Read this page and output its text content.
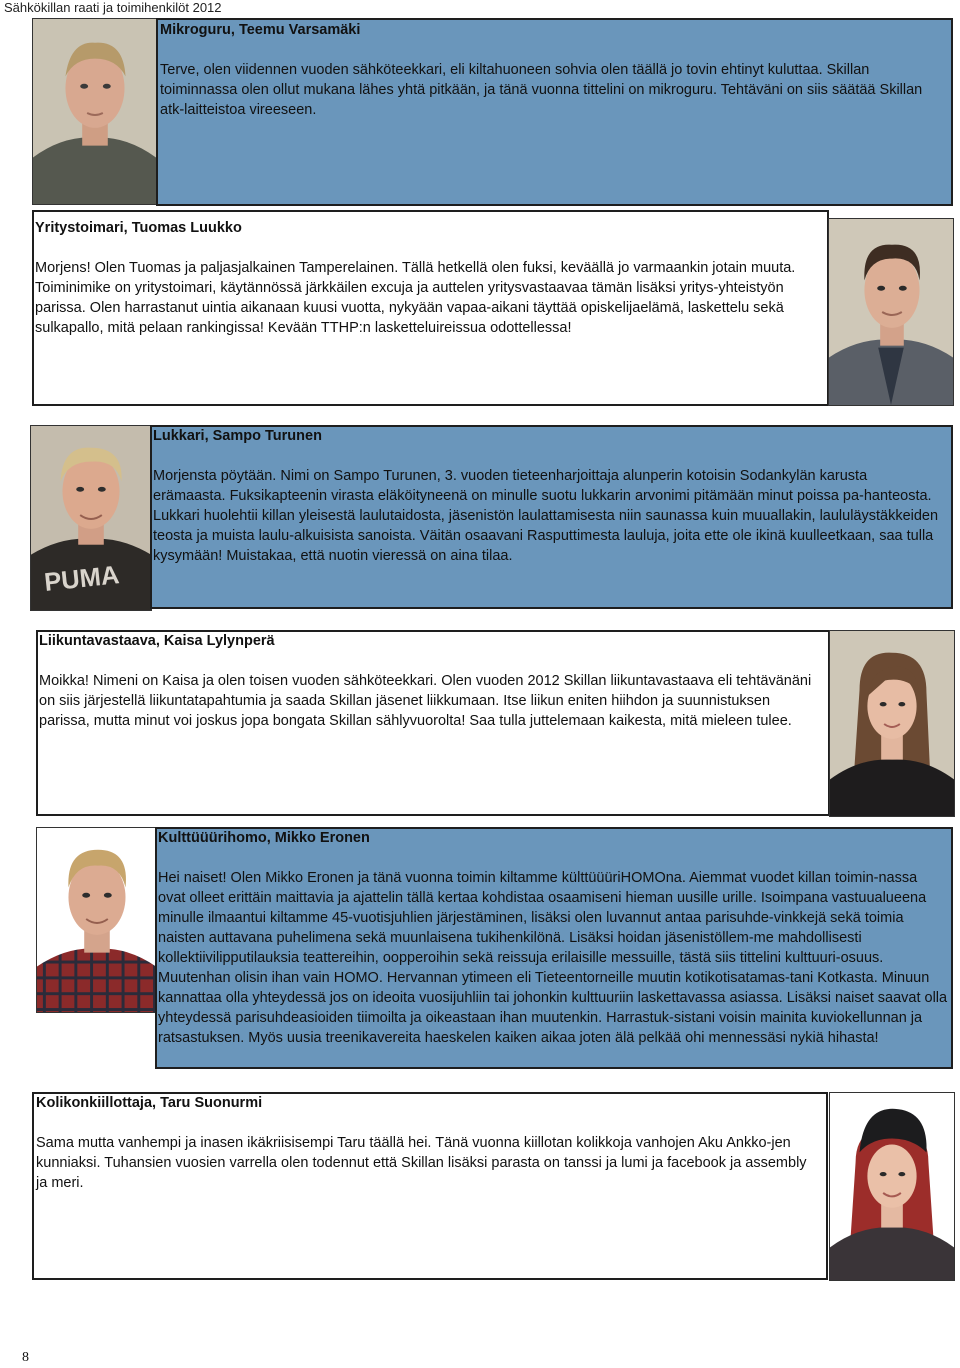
Sähkökillan raati ja toimihenkilöt 2012
Mikroguru, Teemu Varsamäki

Terve, olen viidennen vuoden sähköteekkari, eli kiltahuoneen sohvia olen täällä jo tovin ehtinyt kuluttaa. Skillan toiminnassa olen ollut mukana lähes yhtä pitkään, ja tänä vuonna tittelini on mikroguru. Tehtäväni on siis säätää Skillan atk-laitteistoa vireeseen.

Yritystoimari, Tuomas Luukko

Morjens! Olen Tuomas ja paljasjalkainen Tamperelainen. Tällä hetkellä olen fuksi, keväällä jo varmaankin jotain muuta. Toiminimike on yritystoimari, käytännössä järkkäilen excuja ja auttelen yritysvastaavaa tämän lisäksi yritys-yhteistyön parissa. Olen harrastanut uintia aikanaan kuusi vuotta, nykyään vapaa-aikani täyttää opiskelijaelämä, laskettelu sekä sulkapallo, mitä pelaan rankingissa! Kevään TTHP:n lasketteluireissua odottellessa!

PUMA
Lukkari, Sampo Turunen

Morjensta pöytään. Nimi on Sampo Turunen, 3. vuoden tieteenharjoittaja alunperin kotoisin Sodankylän karusta erämaasta. Fuksikapteenin virasta eläköityneenä on minulle suotu lukkarin arvonimi pitämään minut poissa pa-hanteosta. Lukkari huolehtii killan yleisestä laulutaidosta, jäsenistön laulattamisesta niin saunassa kuin muuallakin, laululäystäkkeiden teosta ja muista laulu-alkuisista sanoista. Väitän osaavani Rasputtimesta lauluja, joita ette ole ikinä kuulleetkaan, saa tulla kysymään! Muistakaa, että nuotin vieressä on aina tilaa.

Liikuntavastaava, Kaisa Lylynperä

Moikka! Nimeni on Kaisa ja olen toisen vuoden sähköteekkari. Olen vuoden 2012 Skillan liikuntavastaava eli tehtävänäni on siis järjestellä liikuntatapahtumia ja saada Skillan jäsenet liikkumaan. Itse liikun eniten hiihdon ja suunnistuksen parissa, mutta minut voi joskus jopa bongata Skillan sählyvuorolta! Saa tulla juttelemaan kaikesta, mitä mieleen tulee.

Kulttüüürihomo, Mikko Eronen

Hei naiset! Olen Mikko Eronen ja tänä vuonna toimin kiltamme külttüüüriHOMOna. Aiemmat vuodet killan toimin-nassa ovat olleet erittäin maittavia ja ajattelin tällä kertaa kohdistaa osaamiseni hieman uusille urille. Isoimpana vastuualueena minulle ilmaantui kiltamme 45-vuotisjuhlien järjestäminen, lisäksi olen luvannut antaa parisuhde-vinkkejä sekä toimia naisten auttavana puhelimena sekä muunlaisena tukihenkilönä. Lisäksi hoidan jäsenistöllem-me mahdollisesti kollektiivilipputilauksia teattereihin, oopperoihin sekä reissuja erilaisille messuille, tästä siis tittelini kulttuuri-osuus. Muutenhan olisin ihan vain HOMO. Hervannan ytimeen eli Tieteentorneille muutin kotikotisatamas-tani Kotkasta. Minuun kannattaa olla yhteydessä jos on ideoita vuosijuhliin tai johonkin kulttuuriin laskettavassa asiassa. Lisäksi naiset saavat olla yhteydessä parisuhdeasioiden tiimoilta ja oikeastaan ihan muutenkin. Harrastuk-sistani voisin mainita kuviokellunnan ja ratsastuksen. Myös uusia treenikavereita haeskelen kaiken aikaa joten älä pelkää ohi mennessäsi nykiä hihasta!

Kolikonkiillottaja, Taru Suonurmi

Sama mutta vanhempi ja inasen ikäkriisisempi Taru täällä hei. Tänä vuonna kiillotan kolikkoja vanhojen Aku Ankko-jen kunniaksi. Tuhansien vuosien varrella olen todennut että Skillan lisäksi parasta on tanssi ja lumi ja facebook ja assembly ja meri.

8
